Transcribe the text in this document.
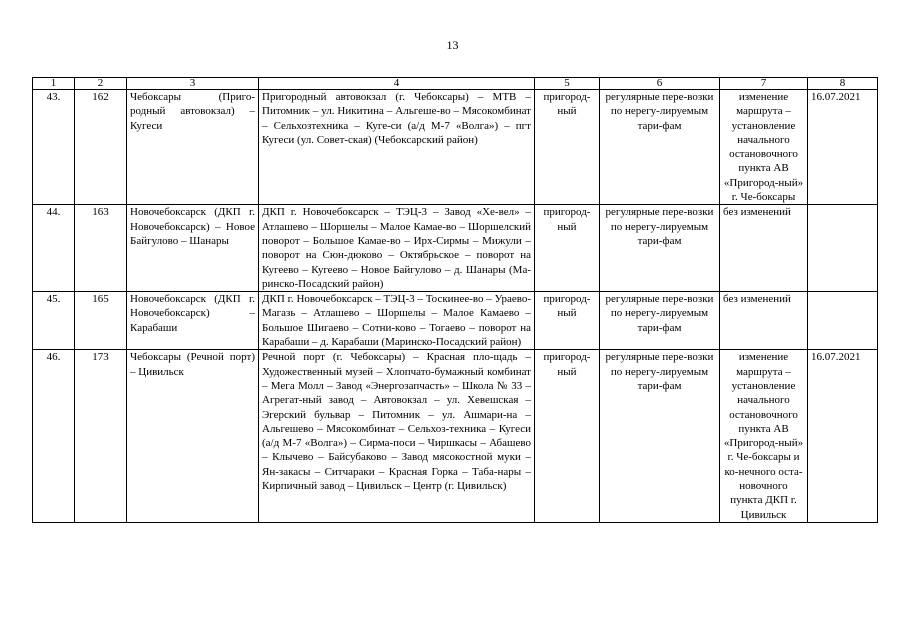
13
1	2	3	4	5	6	7	8
43.	162	Чебоксары (Приго-родный автовокзал) – Кугеси	Пригородный автовокзал (г. Чебоксары) – МТВ – Питомник – ул. Никитина – Альгеше-во – Мясокомбинат – Сельхозтехника – Куге-си (а/д М-7 «Волга») – пгт Кугеси (ул. Совет-ская) (Чебоксарский район)	пригород-ный	регулярные пере-возки по нерегу-лируемым тари-фам	изменение маршрута – установление начального остановочного пункта АВ «Пригород-ный» г. Че-боксары	16.07.2021
44.	163	Новочебоксарск (ДКП г. Новочебоксарск) – Новое Байгулово – Шанары	ДКП г. Новочебоксарск – ТЭЦ-3 – Завод «Хе-вел» – Атлашево – Шоршелы – Малое Камае-во – Шоршелский поворот – Большое Камае-во – Ирх-Сирмы – Мижули – поворот на Сюн-дюково – Октябрьское – поворот на Кугеево – Кугеево – Новое Байгулово – д. Шанары (Ма-ринско-Посадский район)	пригород-ный	регулярные пере-возки по нерегу-лируемым тари-фам	без изменений	
45.	165	Новочебоксарск (ДКП г. Новочебоксарск) – Карабаши	ДКП г. Новочебоксарск – ТЭЦ-3 – Тоскинее-во – Ураево-Магазь – Атлашево – Шоршелы – Малое Камаево – Большое Шигаево – Сотни-ково – Тогаево – поворот на Карабаши – д. Карабаши (Маринско-Посадский район)	пригород-ный	регулярные пере-возки по нерегу-лируемым тари-фам	без изменений	
46.	173	Чебоксары (Речной порт) – Цивильск	Речной порт (г. Чебоксары) – Красная пло-щадь – Художественный музей – Хлопчато-бумажный комбинат – Мега Молл – Завод «Энергозапчасть» – Школа № 33 – Агрегат-ный завод – Автовокзал – ул. Хевешская – Эгерский бульвар – Питомник – ул. Ашмари-на – Альгешево – Мясокомбинат – Сельхоз-техника – Кугеси (а/д М-7 «Волга») – Сирма-поси – Чиршкасы – Абашево – Клычево – Байсубаково – Завод мясокостной муки – Ян-закасы – Ситчараки – Красная Горка – Таба-нары – Кирпичный завод – Цивильск – Центр (г. Цивильск)	пригород-ный	регулярные пере-возки по нерегу-лируемым тари-фам	изменение маршрута – установление начального остановочного пункта АВ «Пригород-ный» г. Че-боксары и ко-нечного оста-новочного пункта ДКП г. Цивильск	16.07.2021
